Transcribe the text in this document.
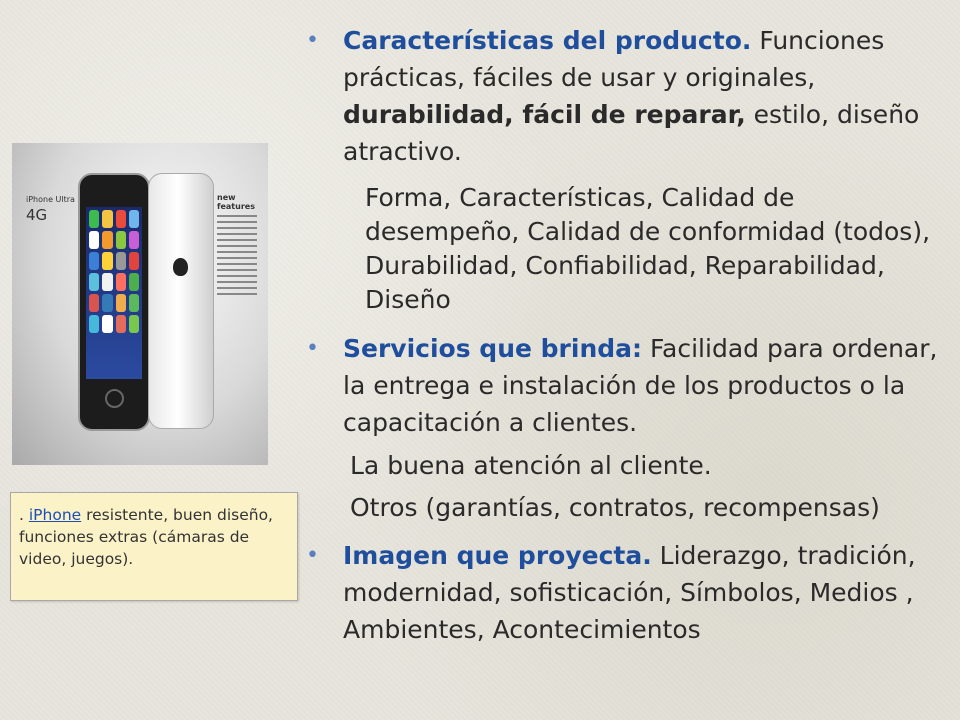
• Características del producto. Funciones prácticas, fáciles de usar y originales, durabilidad, fácil de reparar, estilo, diseño atractivo.
Forma, Características, Calidad de desempeño, Calidad de conformidad (todos), Durabilidad, Confiabilidad, Reparabilidad, Diseño
• Servicios que brinda: Facilidad para ordenar, la entrega e instalación de los productos o la capacitación a clientes.
La buena atención al cliente.
Otros (garantías, contratos, recompensas)
• Imagen que proyecta. Liderazgo, tradición, modernidad, sofisticación, Símbolos, Medios , Ambientes, Acontecimientos
iPhone Ultra
4G
new features
. iPhone resistente, buen diseño, funciones extras (cámaras de video, juegos).
